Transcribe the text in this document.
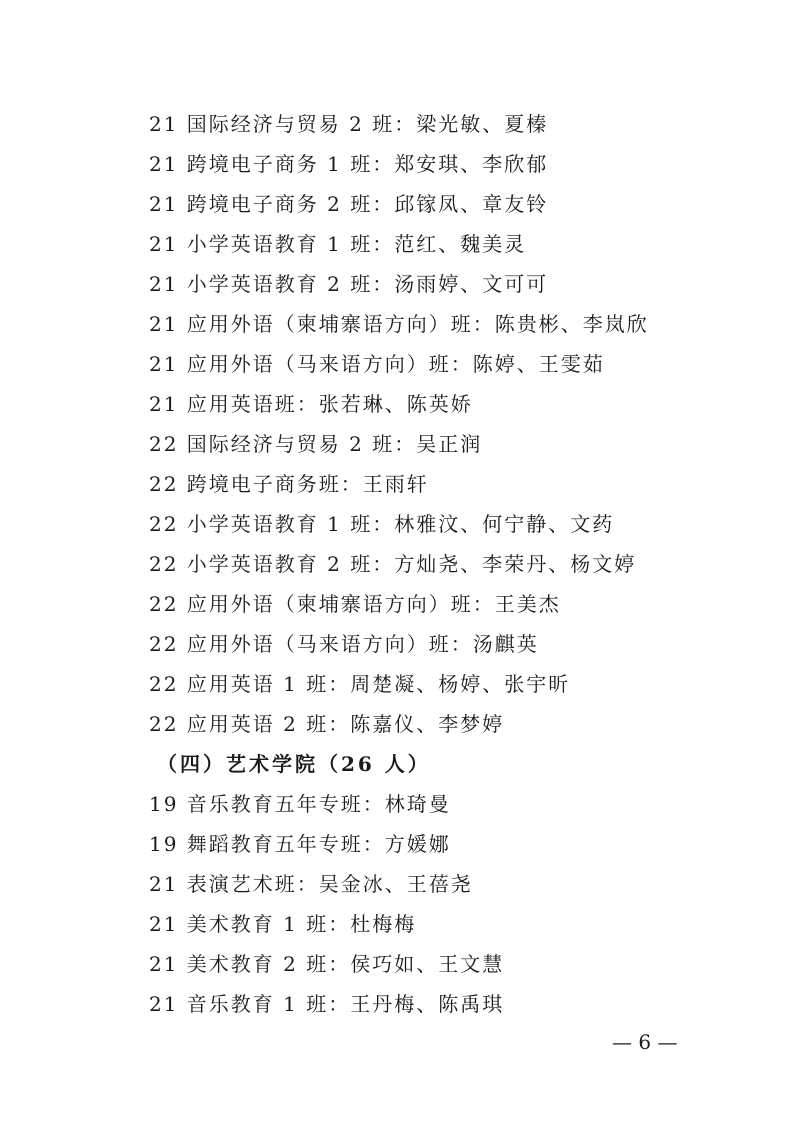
21 国际经济与贸易 2 班：梁光敏、夏榛
21 跨境电子商务 1 班：郑安琪、李欣郁
21 跨境电子商务 2 班：邱镓凤、章友铃
21 小学英语教育 1 班：范红、魏美灵
21 小学英语教育 2 班：汤雨婷、文可可
21 应用外语（柬埔寨语方向）班：陈贵彬、李岚欣
21 应用外语（马来语方向）班：陈婷、王雯茹
21 应用英语班：张若琳、陈英娇
22 国际经济与贸易 2 班：吴正润
22 跨境电子商务班：王雨轩
22 小学英语教育 1 班：林雅汶、何宁静、文药
22 小学英语教育 2 班：方灿尧、李荣丹、杨文婷
22 应用外语（柬埔寨语方向）班：王美杰
22 应用外语（马来语方向）班：汤麒英
22 应用英语 1 班：周楚凝、杨婷、张宇昕
22 应用英语 2 班：陈嘉仪、李梦婷
（四）艺术学院（26 人）
19 音乐教育五年专班：林琦曼
19 舞蹈教育五年专班：方媛娜
21 表演艺术班：吴金冰、王蓓尧
21 美术教育 1 班：杜梅梅
21 美术教育 2 班：侯巧如、王文慧
21 音乐教育 1 班：王丹梅、陈禹琪
— 6 —
